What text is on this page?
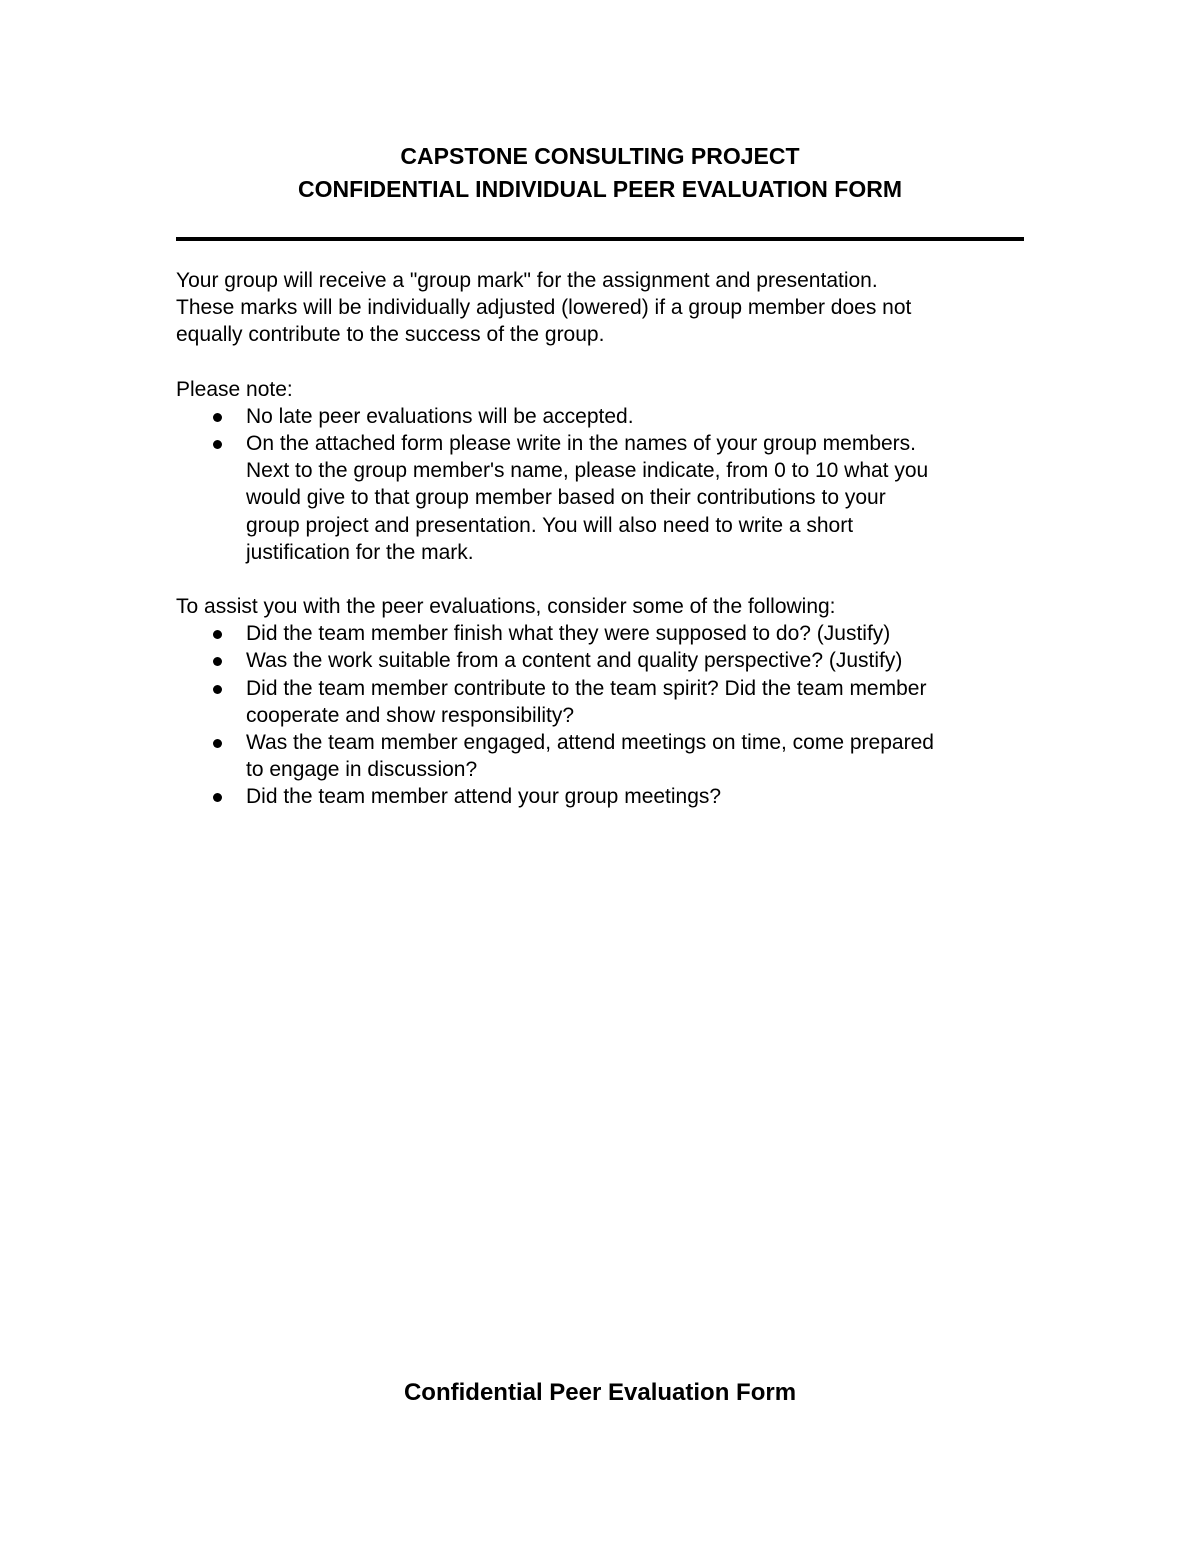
CAPSTONE CONSULTING PROJECT
CONFIDENTIAL INDIVIDUAL PEER EVALUATION FORM
Your group will receive a "group mark" for the assignment and presentation.
These marks will be individually adjusted (lowered) if a group member does not
equally contribute to the success of the group.
Please note:
No late peer evaluations will be accepted.
On the attached form please write in the names of your group members.
Next to the group member's name, please indicate, from 0 to 10 what you
would give to that group member based on their contributions to your
group project and presentation. You will also need to write a short
justification for the mark.
To assist you with the peer evaluations, consider some of the following:
Did the team member finish what they were supposed to do? (Justify)
Was the work suitable from a content and quality perspective? (Justify)
Did the team member contribute to the team spirit? Did the team member
cooperate and show responsibility?
Was the team member engaged, attend meetings on time, come prepared
to engage in discussion?
Did the team member attend your group meetings?
Confidential Peer Evaluation Form
